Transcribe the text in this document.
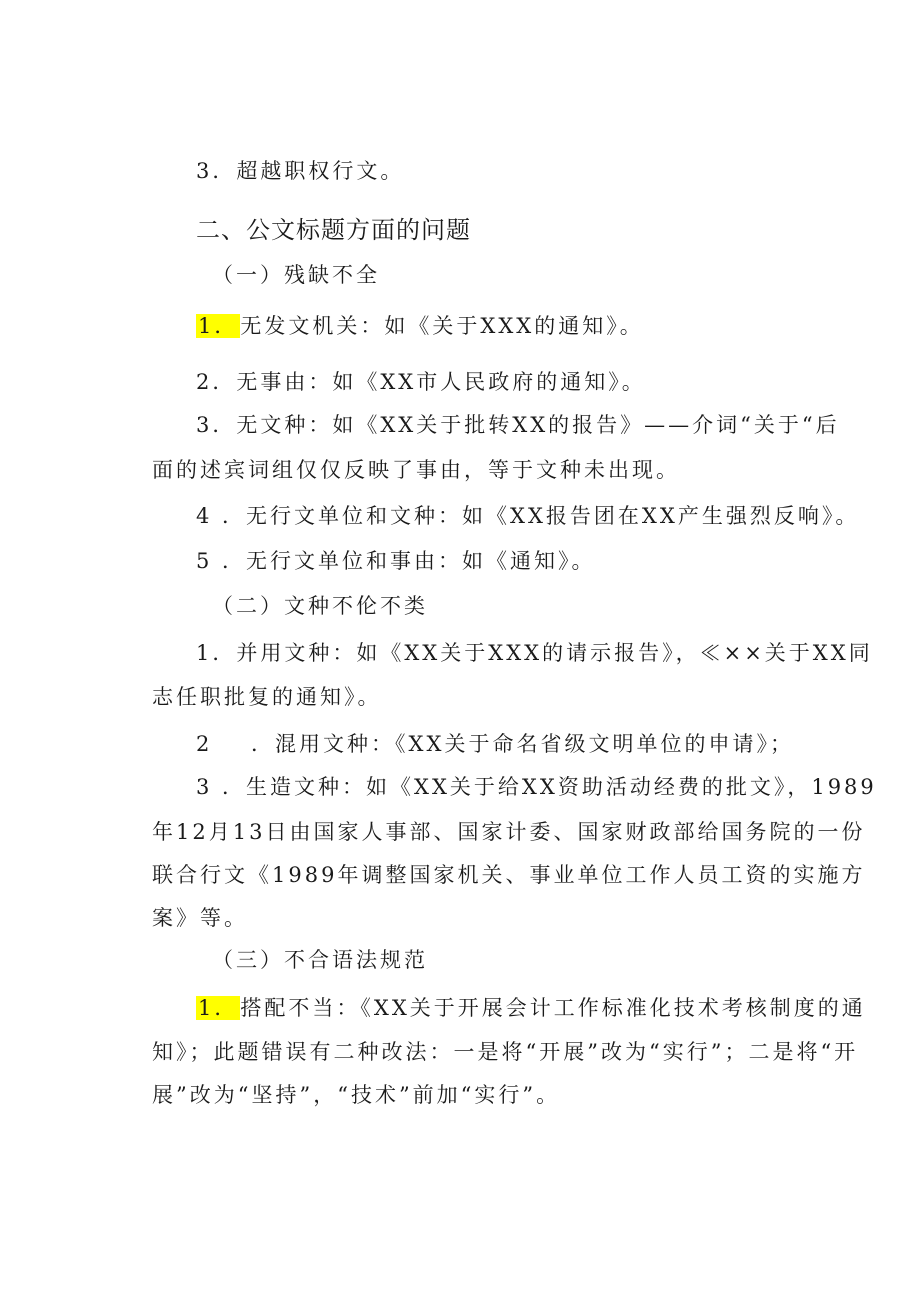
3．超越职权行文。
二、公文标题方面的问题
（一）残缺不全
1．无发文机关：如《关于XXX的通知》。
2．无事由：如《XX市人民政府的通知》。
3．无文种：如《XX关于批转XX的报告》——介词“关于“后
面的述宾词组仅仅反映了事由，等于文种未出现。
4 ．无行文单位和文种：如《XX报告团在XX产生强烈反响》。
5 ．无行文单位和事由：如《通知》。
（二）文种不伦不类
1．并用文种：如《XX关于XXX的请示报告》，≪××关于XX同
志任职批复的通知》。
2    ．混用文种：《XX关于命名省级文明单位的申请》；
3 ．生造文种：如《XX关于给XX资助活动经费的批文》，1989
年12月13日由国家人事部、国家计委、国家财政部给国务院的一份
联合行文《1989年调整国家机关、事业单位工作人员工资的实施方
案》等。
（三）不合语法规范
1．搭配不当：《XX关于开展会计工作标准化技术考核制度的通
知》；此题错误有二种改法：一是将“开展”改为“实行”；二是将“开
展”改为“坚持”，“技术”前加“实行”。
